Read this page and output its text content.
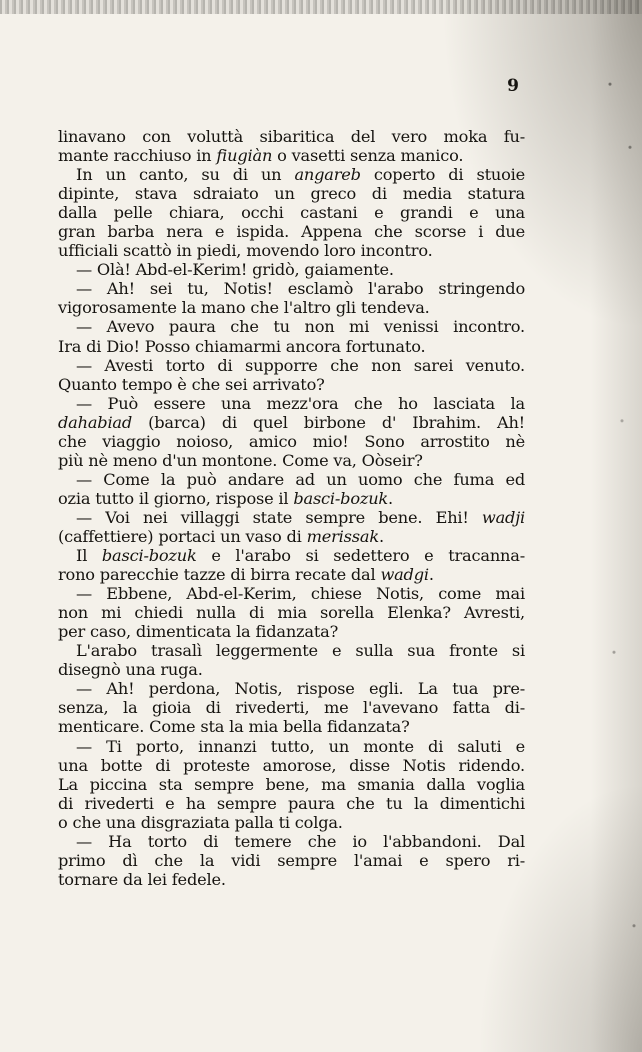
9
linavano con voluttà sibaritica del vero moka fu-
mante racchiuso in fiugiàn o vasetti senza manico.
In un canto, su di un angareb coperto di stuoie
dipinte, stava sdraiato un greco di media statura
dalla pelle chiara, occhi castani e grandi e una
gran barba nera e ispida. Appena che scorse i due
ufficiali scattò in piedi, movendo loro incontro.
— Olà! Abd-el-Kerim! gridò, gaiamente.
— Ah! sei tu, Notis! esclamò l'arabo stringendo
vigorosamente la mano che l'altro gli tendeva.
— Avevo paura che tu non mi venissi incontro.
Ira di Dio! Posso chiamarmi ancora fortunato.
— Avesti torto di supporre che non sarei venuto.
Quanto tempo è che sei arrivato?
— Può essere una mezz'ora che ho lasciata la
dahabiad (barca) di quel birbone d' Ibrahim. Ah!
che viaggio noioso, amico mio! Sono arrostito nè
più nè meno d'un montone. Come va, Oòseir?
— Come la può andare ad un uomo che fuma ed
ozia tutto il giorno, rispose il basci-bozuk.
— Voi nei villaggi state sempre bene. Ehi! wadji
(caffettiere) portaci un vaso di merissak.
Il basci-bozuk e l'arabo si sedettero e tracanna-
rono parecchie tazze di birra recate dal wadgi.
— Ebbene, Abd-el-Kerim, chiese Notis, come mai
non mi chiedi nulla di mia sorella Elenka? Avresti,
per caso, dimenticata la fidanzata?
L'arabo trasalì leggermente e sulla sua fronte si
disegnò una ruga.
— Ah! perdona, Notis, rispose egli. La tua pre-
senza, la gioia di rivederti, me l'avevano fatta di-
menticare. Come sta la mia bella fidanzata?
— Ti porto, innanzi tutto, un monte di saluti e
una botte di proteste amorose, disse Notis ridendo.
La piccina sta sempre bene, ma smania dalla voglia
di rivederti e ha sempre paura che tu la dimentichi
o che una disgraziata palla ti colga.
— Ha torto di temere che io l'abbandoni. Dal
primo dì che la vidi sempre l'amai e spero ri-
tornare da lei fedele.
